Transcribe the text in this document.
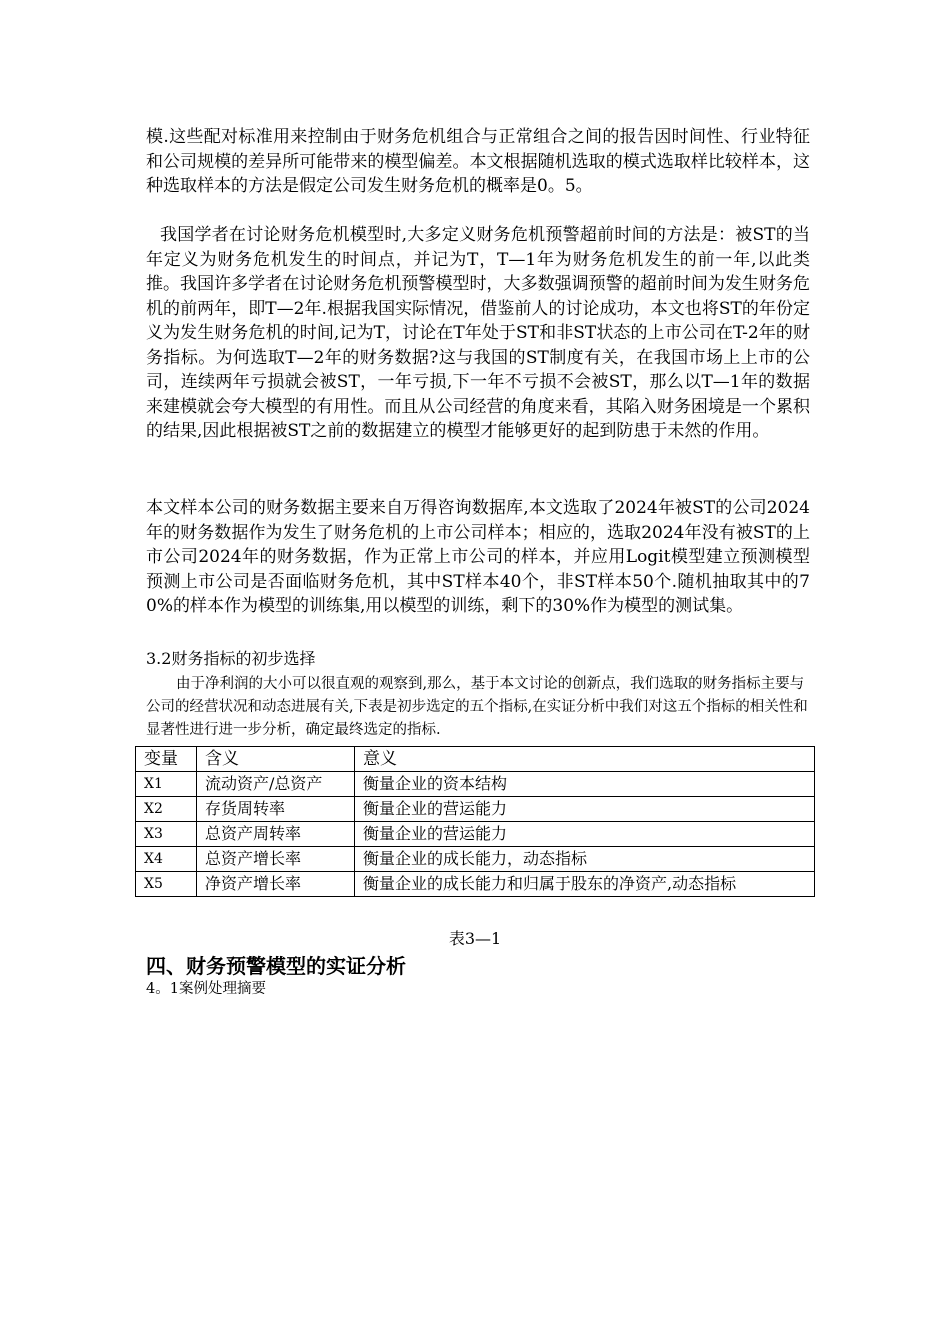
模.这些配对标准用来控制由于财务危机组合与正常组合之间的报告因时间性、行业特征和公司规模的差异所可能带来的模型偏差。本文根据随机选取的模式选取样比较样本，这种选取样本的方法是假定公司发生财务危机的概率是0。5。

我国学者在讨论财务危机模型时,大多定义财务危机预警超前时间的方法是：被ST的当年定义为财务危机发生的时间点，并记为T，T—1年为财务危机发生的前一年,以此类推。我国许多学者在讨论财务危机预警模型时，大多数强调预警的超前时间为发生财务危机的前两年，即T—2年.根据我国实际情况，借鉴前人的讨论成功，本文也将ST的年份定义为发生财务危机的时间,记为T，讨论在T年处于ST和非ST状态的上市公司在T-2年的财务指标。为何选取T—2年的财务数据?这与我国的ST制度有关，在我国市场上上市的公司，连续两年亏损就会被ST，一年亏损,下一年不亏损不会被ST，那么以T—1年的数据来建模就会夸大模型的有用性。而且从公司经营的角度来看，其陷入财务困境是一个累积的结果,因此根据被ST之前的数据建立的模型才能够更好的起到防患于未然的作用。

本文样本公司的财务数据主要来自万得咨询数据库,本文选取了2024年被ST的公司2024年的财务数据作为发生了财务危机的上市公司样本；相应的，选取2024年没有被ST的上市公司2024年的财务数据，作为正常上市公司的样本，并应用Logit模型建立预测模型预测上市公司是否面临财务危机，其中ST样本40个，非ST样本50个.随机抽取其中的70%的样本作为模型的训练集,用以模型的训练，剩下的30%作为模型的测试集。

3.2财务指标的初步选择

由于净利润的大小可以很直观的观察到,那么，基于本文讨论的创新点，我们选取的财务指标主要与公司的经营状况和动态进展有关,下表是初步选定的五个指标,在实证分析中我们对这五个指标的相关性和显著性进行进一步分析，确定最终选定的指标.

变量	含义	意义
X1	流动资产/总资产	衡量企业的资本结构
X2	存货周转率	衡量企业的营运能力
X3	总资产周转率	衡量企业的营运能力
X4	总资产增长率	衡量企业的成长能力，动态指标
X5	净资产增长率	衡量企业的成长能力和归属于股东的净资产,动态指标
表3—1
四、财务预警模型的实证分析
4。1案例处理摘要
